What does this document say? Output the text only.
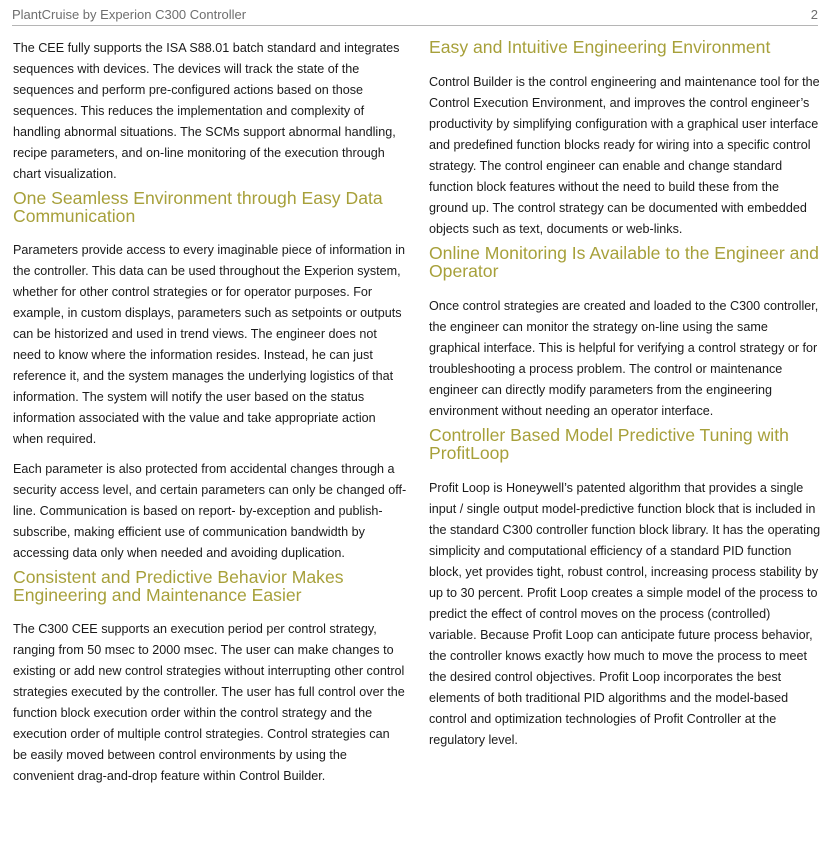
PlantCruise by Experion C300 Controller	2

The CEE fully supports the ISA S88.01 batch standard and integrates sequences with devices. The devices will track the state of the sequences and perform pre-configured actions based on those sequences. This reduces the implementation and complexity of handling abnormal situations. The SCMs support abnormal handling, recipe parameters, and on-line monitoring of the execution through chart visualization.

One Seamless Environment through Easy Data Communication

Parameters provide access to every imaginable piece of information in the controller. This data can be used throughout the Experion system, whether for other control strategies or for operator purposes. For example, in custom displays, parameters such as setpoints or outputs can be historized and used in trend views. The engineer does not need to know where the information resides. Instead, he can just reference it, and the system manages the underlying logistics of that information. The system will notify the user based on the status information associated with the value and take appropriate action when required.

Each parameter is also protected from accidental changes through a security access level, and certain parameters can only be changed off-line. Communication is based on report- by-exception and publish-subscribe, making efficient use of communication bandwidth by accessing data only when needed and avoiding duplication.

Consistent and Predictive Behavior Makes Engineering and Maintenance Easier

The C300 CEE supports an execution period per control strategy, ranging from 50 msec to 2000 msec. The user can make changes to existing or add new control strategies without interrupting other control strategies executed by the controller. The user has full control over the function block execution order within the control strategy and the execution order of multiple control strategies. Control strategies can be easily moved between control environments by using the convenient drag-and-drop feature within Control Builder.

Easy and Intuitive Engineering Environment

Control Builder is the control engineering and maintenance tool for the Control Execution Environment, and improves the control engineer’s productivity by simplifying configuration with a graphical user interface and predefined function blocks ready for wiring into a specific control strategy. The control engineer can enable and change standard function block features without the need to build these from the ground up. The control strategy can be documented with embedded objects such as text, documents or web-links.

Online Monitoring Is Available to the Engineer and Operator

Once control strategies are created and loaded to the C300 controller, the engineer can monitor the strategy on-line using the same graphical interface. This is helpful for verifying a control strategy or for troubleshooting a process problem. The control or maintenance engineer can directly modify parameters from the engineering environment without needing an operator interface.

Controller Based Model Predictive Tuning with ProfitLoop

Profit Loop is Honeywell’s patented algorithm that provides a single input / single output model-predictive function block that is included in the standard C300 controller function block library. It has the operating simplicity and computational efficiency of a standard PID function block, yet provides tight, robust control, increasing process stability by up to 30 percent. Profit Loop creates a simple model of the process to predict the effect of control moves on the process (controlled) variable. Because Profit Loop can anticipate future process behavior, the controller knows exactly how much to move the process to meet the desired control objectives. Profit Loop incorporates the best elements of both traditional PID algorithms and the model-based control and optimization technologies of Profit Controller at the regulatory level.
